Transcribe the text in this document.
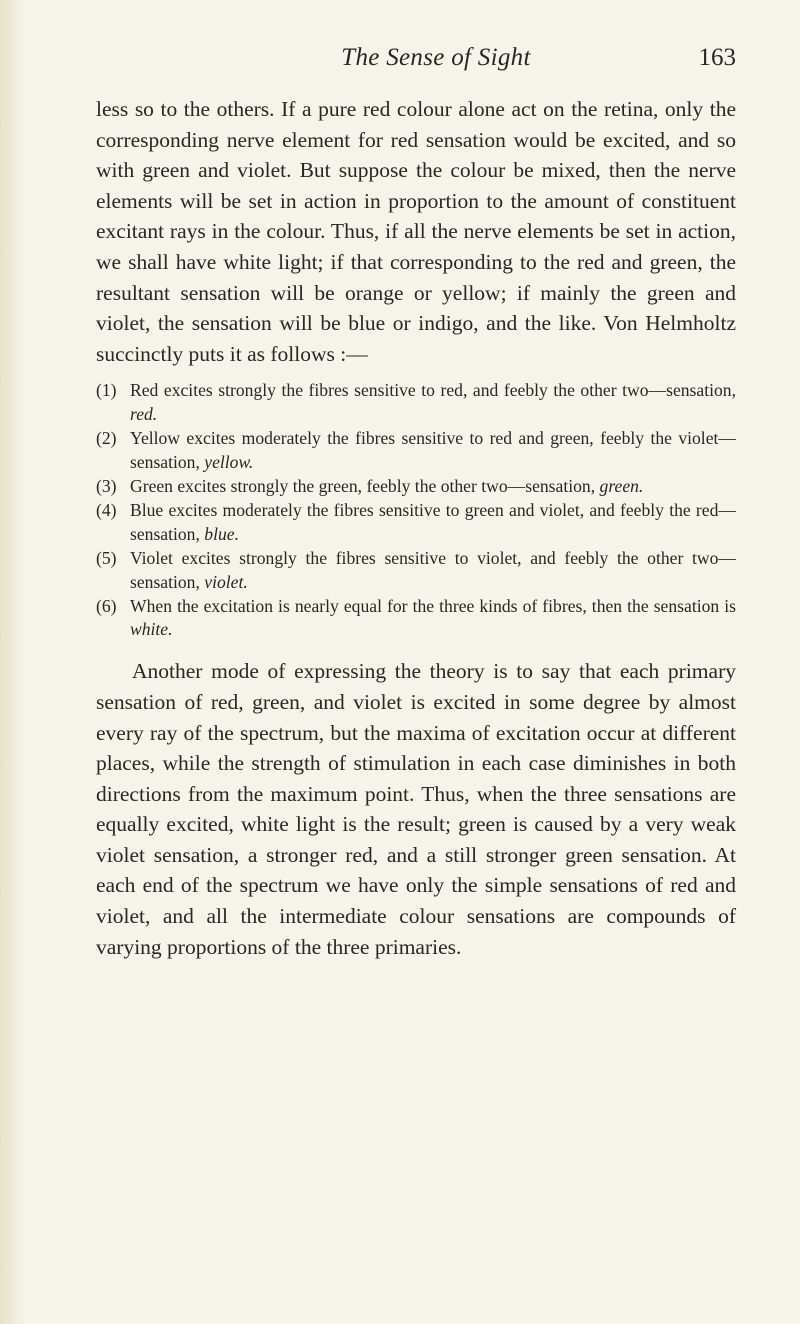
The Sense of Sight	163

less so to the others. If a pure red colour alone act on the retina, only the corresponding nerve element for red sensation would be excited, and so with green and violet. But suppose the colour be mixed, then the nerve elements will be set in action in proportion to the amount of constituent excitant rays in the colour. Thus, if all the nerve elements be set in action, we shall have white light; if that corresponding to the red and green, the resultant sensation will be orange or yellow; if mainly the green and violet, the sensation will be blue or indigo, and the like. Von Helmholtz succinctly puts it as follows :—

(1) Red excites strongly the fibres sensitive to red, and feebly the other two—sensation, red.
(2) Yellow excites moderately the fibres sensitive to red and green, feebly the violet—sensation, yellow.
(3) Green excites strongly the green, feebly the other two—sensation, green.
(4) Blue excites moderately the fibres sensitive to green and violet, and feebly the red—sensation, blue.
(5) Violet excites strongly the fibres sensitive to violet, and feebly the other two—sensation, violet.
(6) When the excitation is nearly equal for the three kinds of fibres, then the sensation is white.

Another mode of expressing the theory is to say that each primary sensation of red, green, and violet is excited in some degree by almost every ray of the spectrum, but the maxima of excitation occur at different places, while the strength of stimulation in each case diminishes in both directions from the maximum point. Thus, when the three sensations are equally excited, white light is the result; green is caused by a very weak violet sensation, a stronger red, and a still stronger green sensation. At each end of the spectrum we have only the simple sensations of red and violet, and all the intermediate colour sensations are compounds of varying proportions of the three primaries.
